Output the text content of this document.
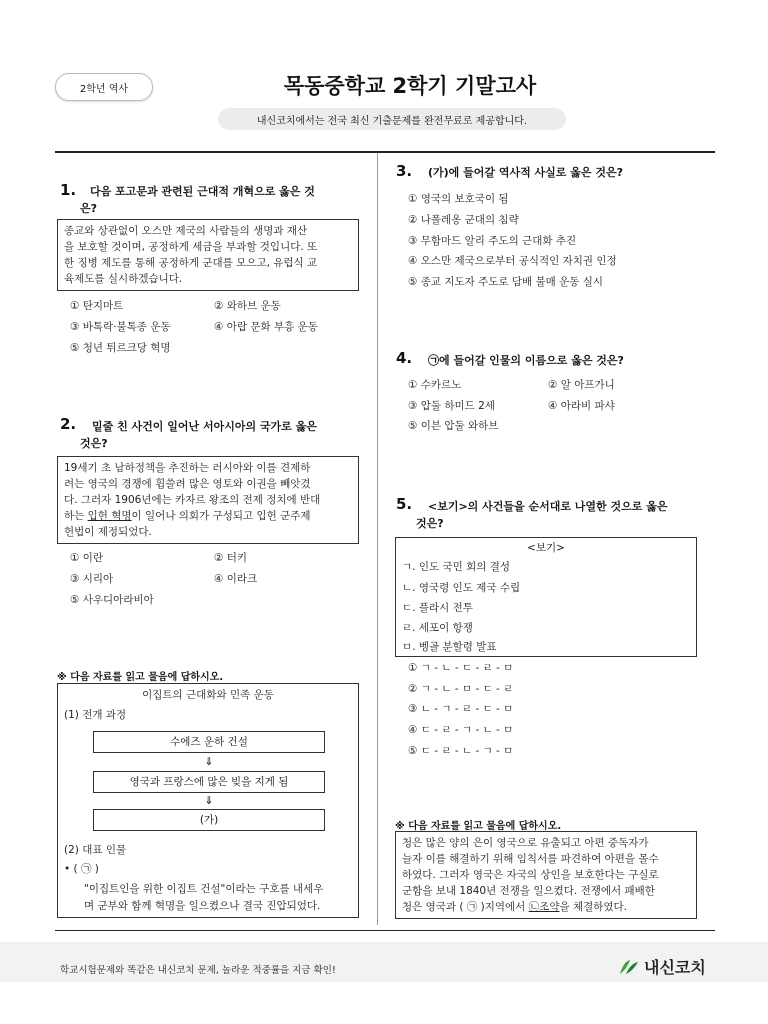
2학년 역사	목동중학교 2학기 기말고사
내신코치에서는 전국 최신 기출문제를 완전무료로 제공합니다.
1. 다음 포고문과 관련된 근대적 개혁으로 옳은 것
은?
종교와 상관없이 오스만 제국의 사람들의 생명과 재산
을 보호할 것이며, 공정하게 세금을 부과할 것입니다. 또
한 징병 제도를 통해 공정하게 군대를 모으고, 유럽식 교
육제도를 실시하겠습니다.
① 탄지마트	② 와하브 운동
③ 바톡락·불톡종 운동	④ 아랍 문화 부흥 운동
⑤ 청년 튀르크당 혁명
2. 밑줄 친 사건이 일어난 서아시아의 국가로 옳은
것은?
19세기 초 남하정책을 추진하는 러시아와 이를 견제하
려는 영국의 경쟁에 휩쓸려 많은 영토와 이권을 빼앗겼
다. 그러자 1906년에는 카자르 왕조의 전제 정치에 반대
하는 입헌 혁명이 일어나 의회가 구성되고 입헌 군주제
헌법이 제정되었다.
① 이란	② 터키
③ 시리아	④ 이라크
⑤ 사우디아라비아
※ 다음 자료를 읽고 물음에 답하시오.
이집트의 근대화와 민족 운동
(1) 전개 과정
수에즈 운하 건설
⇓
영국과 프랑스에 많은 빚을 지게 됨
⇓
(가)
(2) 대표 인물
• ( ㉠ )
"이집트인을 위한 이집트 건설"이라는 구호를 내세우
며 군부와 함께 혁명을 일으켰으나 결국 진압되었다.
3. (가)에 들어갈 역사적 사실로 옳은 것은?
① 영국의 보호국이 됨
② 나폴레옹 군대의 침략
③ 무함마드 알리 주도의 근대화 추진
④ 오스만 제국으로부터 공식적인 자치권 인정
⑤ 종교 지도자 주도로 담배 불매 운동 실시
4. ㉠에 들어갈 인물의 이름으로 옳은 것은?
① 수카르노	② 알 아프가니
③ 압둘 하미드 2세	④ 아라비 파샤
⑤ 이븐 압둘 와하브
5. <보기>의 사건들을 순서대로 나열한 것으로 옳은
것은?
<보기>
ㄱ. 인도 국민 회의 결성
ㄴ. 영국령 인도 제국 수립
ㄷ. 플라시 전투
ㄹ. 세포이 항쟁
ㅁ. 벵골 분할령 발표
① ㄱ - ㄴ - ㄷ - ㄹ - ㅁ
② ㄱ - ㄴ - ㅁ - ㄷ - ㄹ
③ ㄴ - ㄱ - ㄹ - ㄷ - ㅁ
④ ㄷ - ㄹ - ㄱ - ㄴ - ㅁ
⑤ ㄷ - ㄹ - ㄴ - ㄱ - ㅁ
※ 다음 자료를 읽고 물음에 답하시오.
청은 많은 양의 은이 영국으로 유출되고 아편 중독자가
늘자 이를 해결하기 위해 임칙서를 파견하여 아편을 몰수
하였다. 그러자 영국은 자국의 상인을 보호한다는 구실로
군함을 보내 1840년 전쟁을 일으켰다. 전쟁에서 패배한
청은 영국과 ( ㉠ )지역에서 ㉡조약을 체결하였다.
학교시험문제와 똑같은 내신코치 문제, 놀라운 적중률을 지금 확인!	내신코치
